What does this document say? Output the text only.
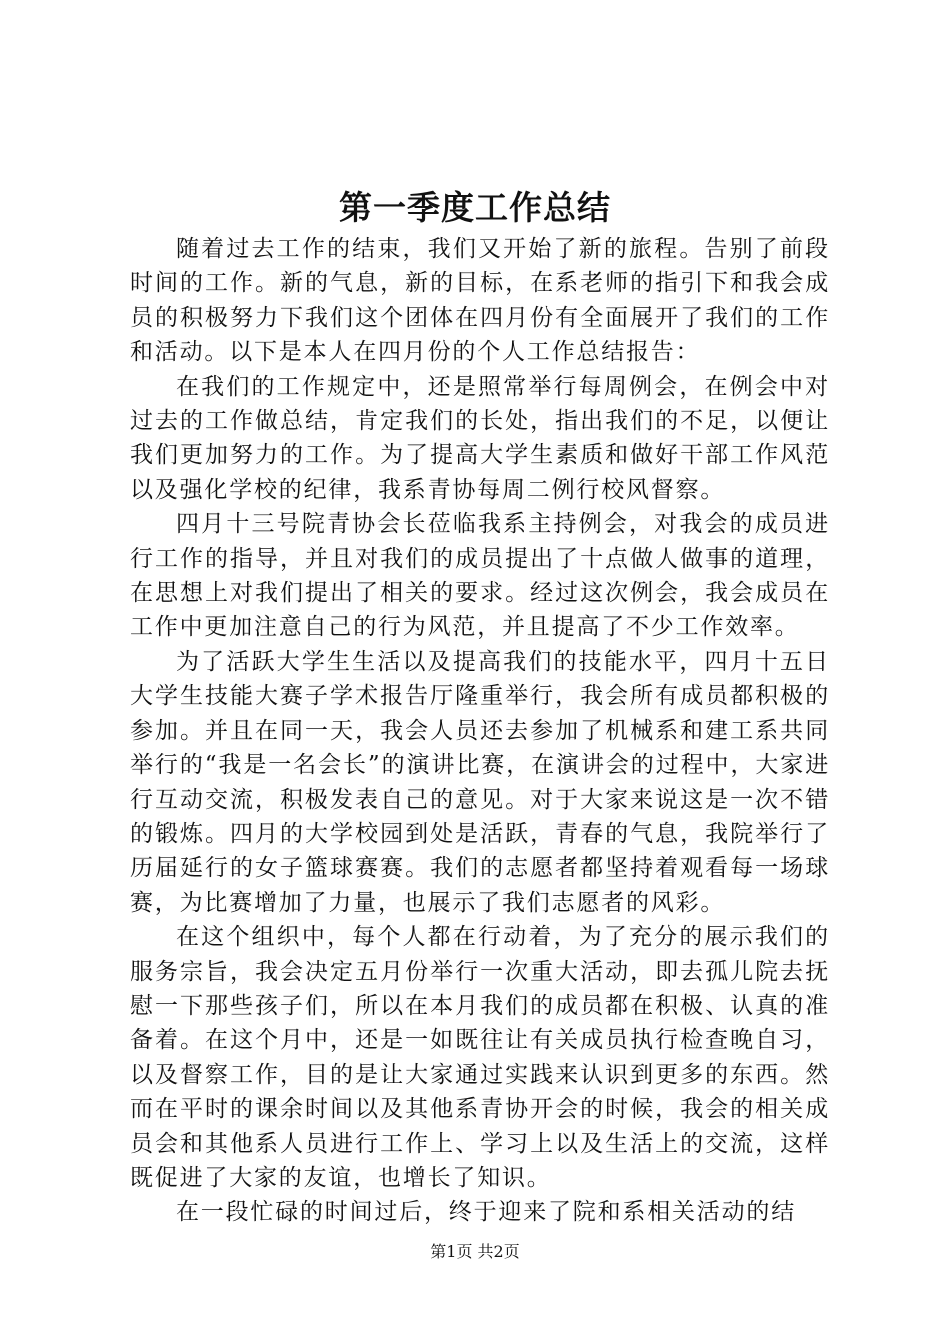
第一季度工作总结

随着过去工作的结束，我们又开始了新的旅程。告别了前段时间的工作。新的气息，新的目标，在系老师的指引下和我会成员的积极努力下我们这个团体在四月份有全面展开了我们的工作和活动。以下是本人在四月份的个人工作总结报告：

在我们的工作规定中，还是照常举行每周例会，在例会中对过去的工作做总结，肯定我们的长处，指出我们的不足，以便让我们更加努力的工作。为了提高大学生素质和做好干部工作风范以及强化学校的纪律，我系青协每周二例行校风督察。

四月十三号院青协会长莅临我系主持例会，对我会的成员进行工作的指导，并且对我们的成员提出了十点做人做事的道理，在思想上对我们提出了相关的要求。经过这次例会，我会成员在工作中更加注意自己的行为风范，并且提高了不少工作效率。

为了活跃大学生生活以及提高我们的技能水平，四月十五日大学生技能大赛子学术报告厅隆重举行，我会所有成员都积极的参加。并且在同一天，我会人员还去参加了机械系和建工系共同举行的“我是一名会长”的演讲比赛，在演讲会的过程中，大家进行互动交流，积极发表自己的意见。对于大家来说这是一次不错的锻炼。四月的大学校园到处是活跃，青春的气息，我院举行了历届延行的女子篮球赛赛。我们的志愿者都坚持着观看每一场球赛，为比赛增加了力量，也展示了我们志愿者的风彩。

在这个组织中，每个人都在行动着，为了充分的展示我们的服务宗旨，我会决定五月份举行一次重大活动，即去孤儿院去抚慰一下那些孩子们，所以在本月我们的成员都在积极、认真的准备着。在这个月中，还是一如既往让有关成员执行检查晚自习，以及督察工作，目的是让大家通过实践来认识到更多的东西。然而在平时的课余时间以及其他系青协开会的时候，我会的相关成员会和其他系人员进行工作上、学习上以及生活上的交流，这样既促进了大家的友谊，也增长了知识。

在一段忙碌的时间过后，终于迎来了院和系相关活动的结

第1页 共2页
